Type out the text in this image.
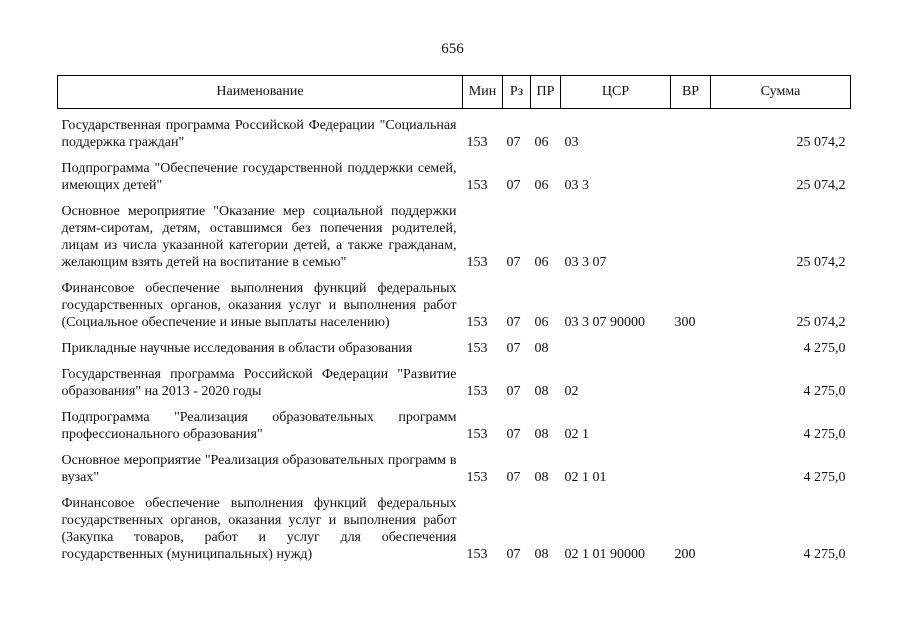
656
Наименование	Мин	Рз	ПР	ЦСР	ВР	Сумма
Государственная программа Российской Федерации "Социальная поддержка граждан"	153	07	06	03		25 074,2
Подпрограмма "Обеспечение государственной поддержки семей, имеющих детей"	153	07	06	03 3		25 074,2
Основное мероприятие "Оказание мер социальной поддержки детям-сиротам, детям, оставшимся без попечения родителей, лицам из числа указанной категории детей, а также гражданам, желающим взять детей на воспитание в семью"	153	07	06	03 3 07		25 074,2
Финансовое обеспечение выполнения функций федеральных государственных органов, оказания услуг и выполнения работ (Социальное обеспечение и иные выплаты населению)	153	07	06	03 3 07 90000	300	25 074,2
Прикладные научные исследования в области образования	153	07	08			4 275,0
Государственная программа Российской Федерации "Развитие образования" на 2013 - 2020 годы	153	07	08	02		4 275,0
Подпрограмма "Реализация образовательных программ профессионального образования"	153	07	08	02 1		4 275,0
Основное мероприятие "Реализация образовательных программ в вузах"	153	07	08	02 1 01		4 275,0
Финансовое обеспечение выполнения функций федеральных государственных органов, оказания услуг и выполнения работ (Закупка товаров, работ и услуг для обеспечения государственных (муниципальных) нужд)	153	07	08	02 1 01 90000	200	4 275,0
